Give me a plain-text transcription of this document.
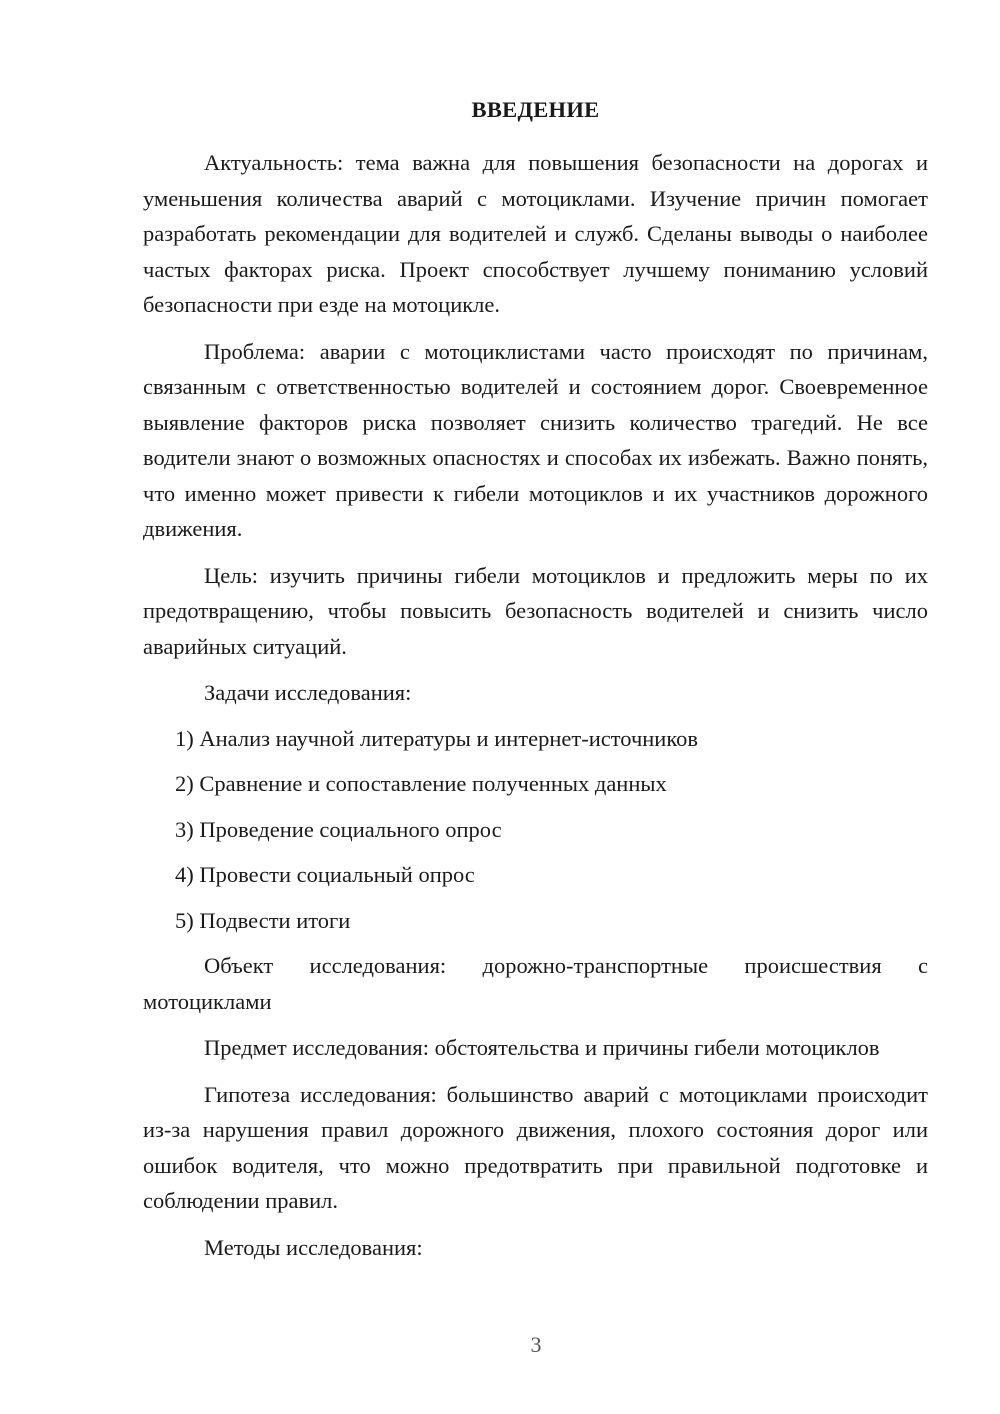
ВВЕДЕНИЕ

Актуальность: тема важна для повышения безопасности на дорогах и уменьшения количества аварий с мотоциклами. Изучение причин помогает разработать рекомендации для водителей и служб. Сделаны выводы о наиболее частых факторах риска. Проект способствует лучшему пониманию условий безопасности при езде на мотоцикле.

Проблема: аварии с мотоциклистами часто происходят по причинам, связанным с ответственностью водителей и состоянием дорог. Своевременное выявление факторов риска позволяет снизить количество трагедий. Не все водители знают о возможных опасностях и способах их избежать. Важно понять, что именно может привести к гибели мотоциклов и их участников дорожного движения.

Цель: изучить причины гибели мотоциклов и предложить меры по их предотвращению, чтобы повысить безопасность водителей и снизить число аварийных ситуаций.

Задачи исследования:

1) Анализ научной литературы и интернет-источников
2) Сравнение и сопоставление полученных данных
3) Проведение социального опрос
4) Провести социальный опрос
5) Подвести итоги

Объект исследования: дорожно-транспортные происшествия с мотоциклами

Предмет исследования: обстоятельства и причины гибели мотоциклов

Гипотеза исследования: большинство аварий с мотоциклами происходит из-за нарушения правил дорожного движения, плохого состояния дорог или ошибок водителя, что можно предотвратить при правильной подготовке и соблюдении правил.

Методы исследования:

3
